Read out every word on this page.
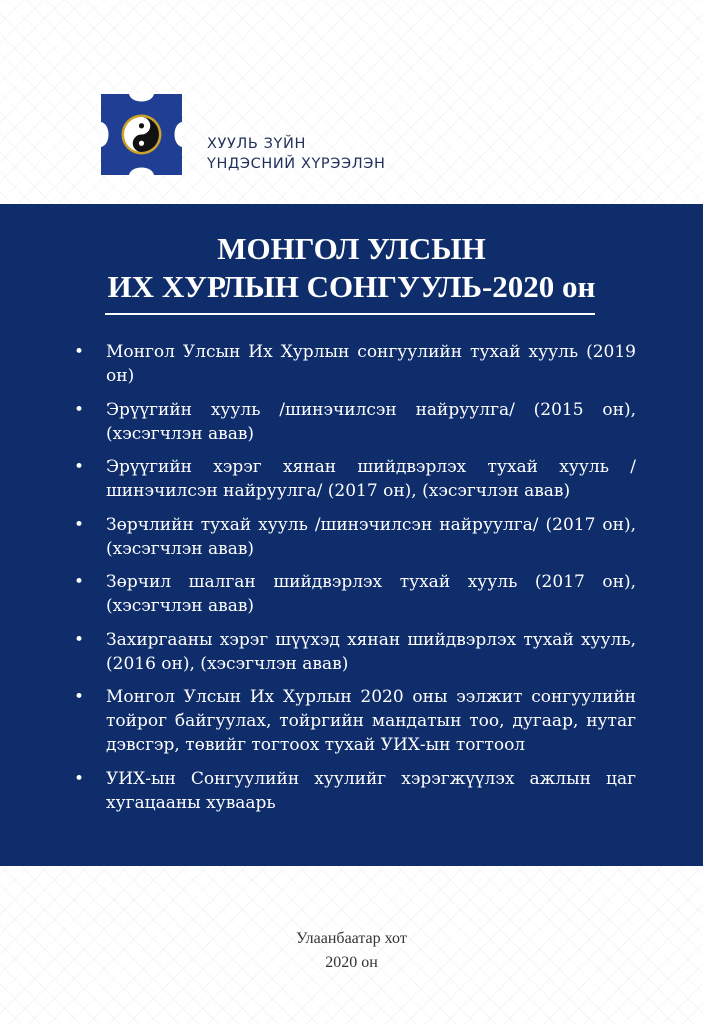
ХУУЛЬ ЗҮЙН
ҮНДЭСНИЙ ХҮРЭЭЛЭН
МОНГОЛ УЛСЫН
ИХ ХУРЛЫН СОНГУУЛЬ-2020 он
• Монгол Улсын Их Хурлын сонгуулийн тухай хууль (2019 он)
• Эрүүгийн хууль /шинэчилсэн найруулга/ (2015 он), (хэсэгчлэн авав)
• Эрүүгийн хэрэг хянан шийдвэрлэх тухай хууль /шинэчилсэн найруулга/ (2017 он), (хэсэгчлэн авав)
• Зөрчлийн тухай хууль /шинэчилсэн найруулга/ (2017 он), (хэсэгчлэн авав)
• Зөрчил шалган шийдвэрлэх тухай хууль (2017 он), (хэсэгчлэн авав)
• Захиргааны хэрэг шүүхэд хянан шийдвэрлэх тухай хууль, (2016 он), (хэсэгчлэн авав)
• Монгол Улсын Их Хурлын 2020 оны ээлжит сонгуулийн тойрог байгуулах, тойргийн мандатын тоо, дугаар, нутаг дэвсгэр, төвийг тогтоох тухай УИХ-ын тогтоол
• УИХ-ын Сонгуулийн хуулийг хэрэгжүүлэх ажлын цаг хугацааны хуваарь
Улаанбаатар хот
2020 он
